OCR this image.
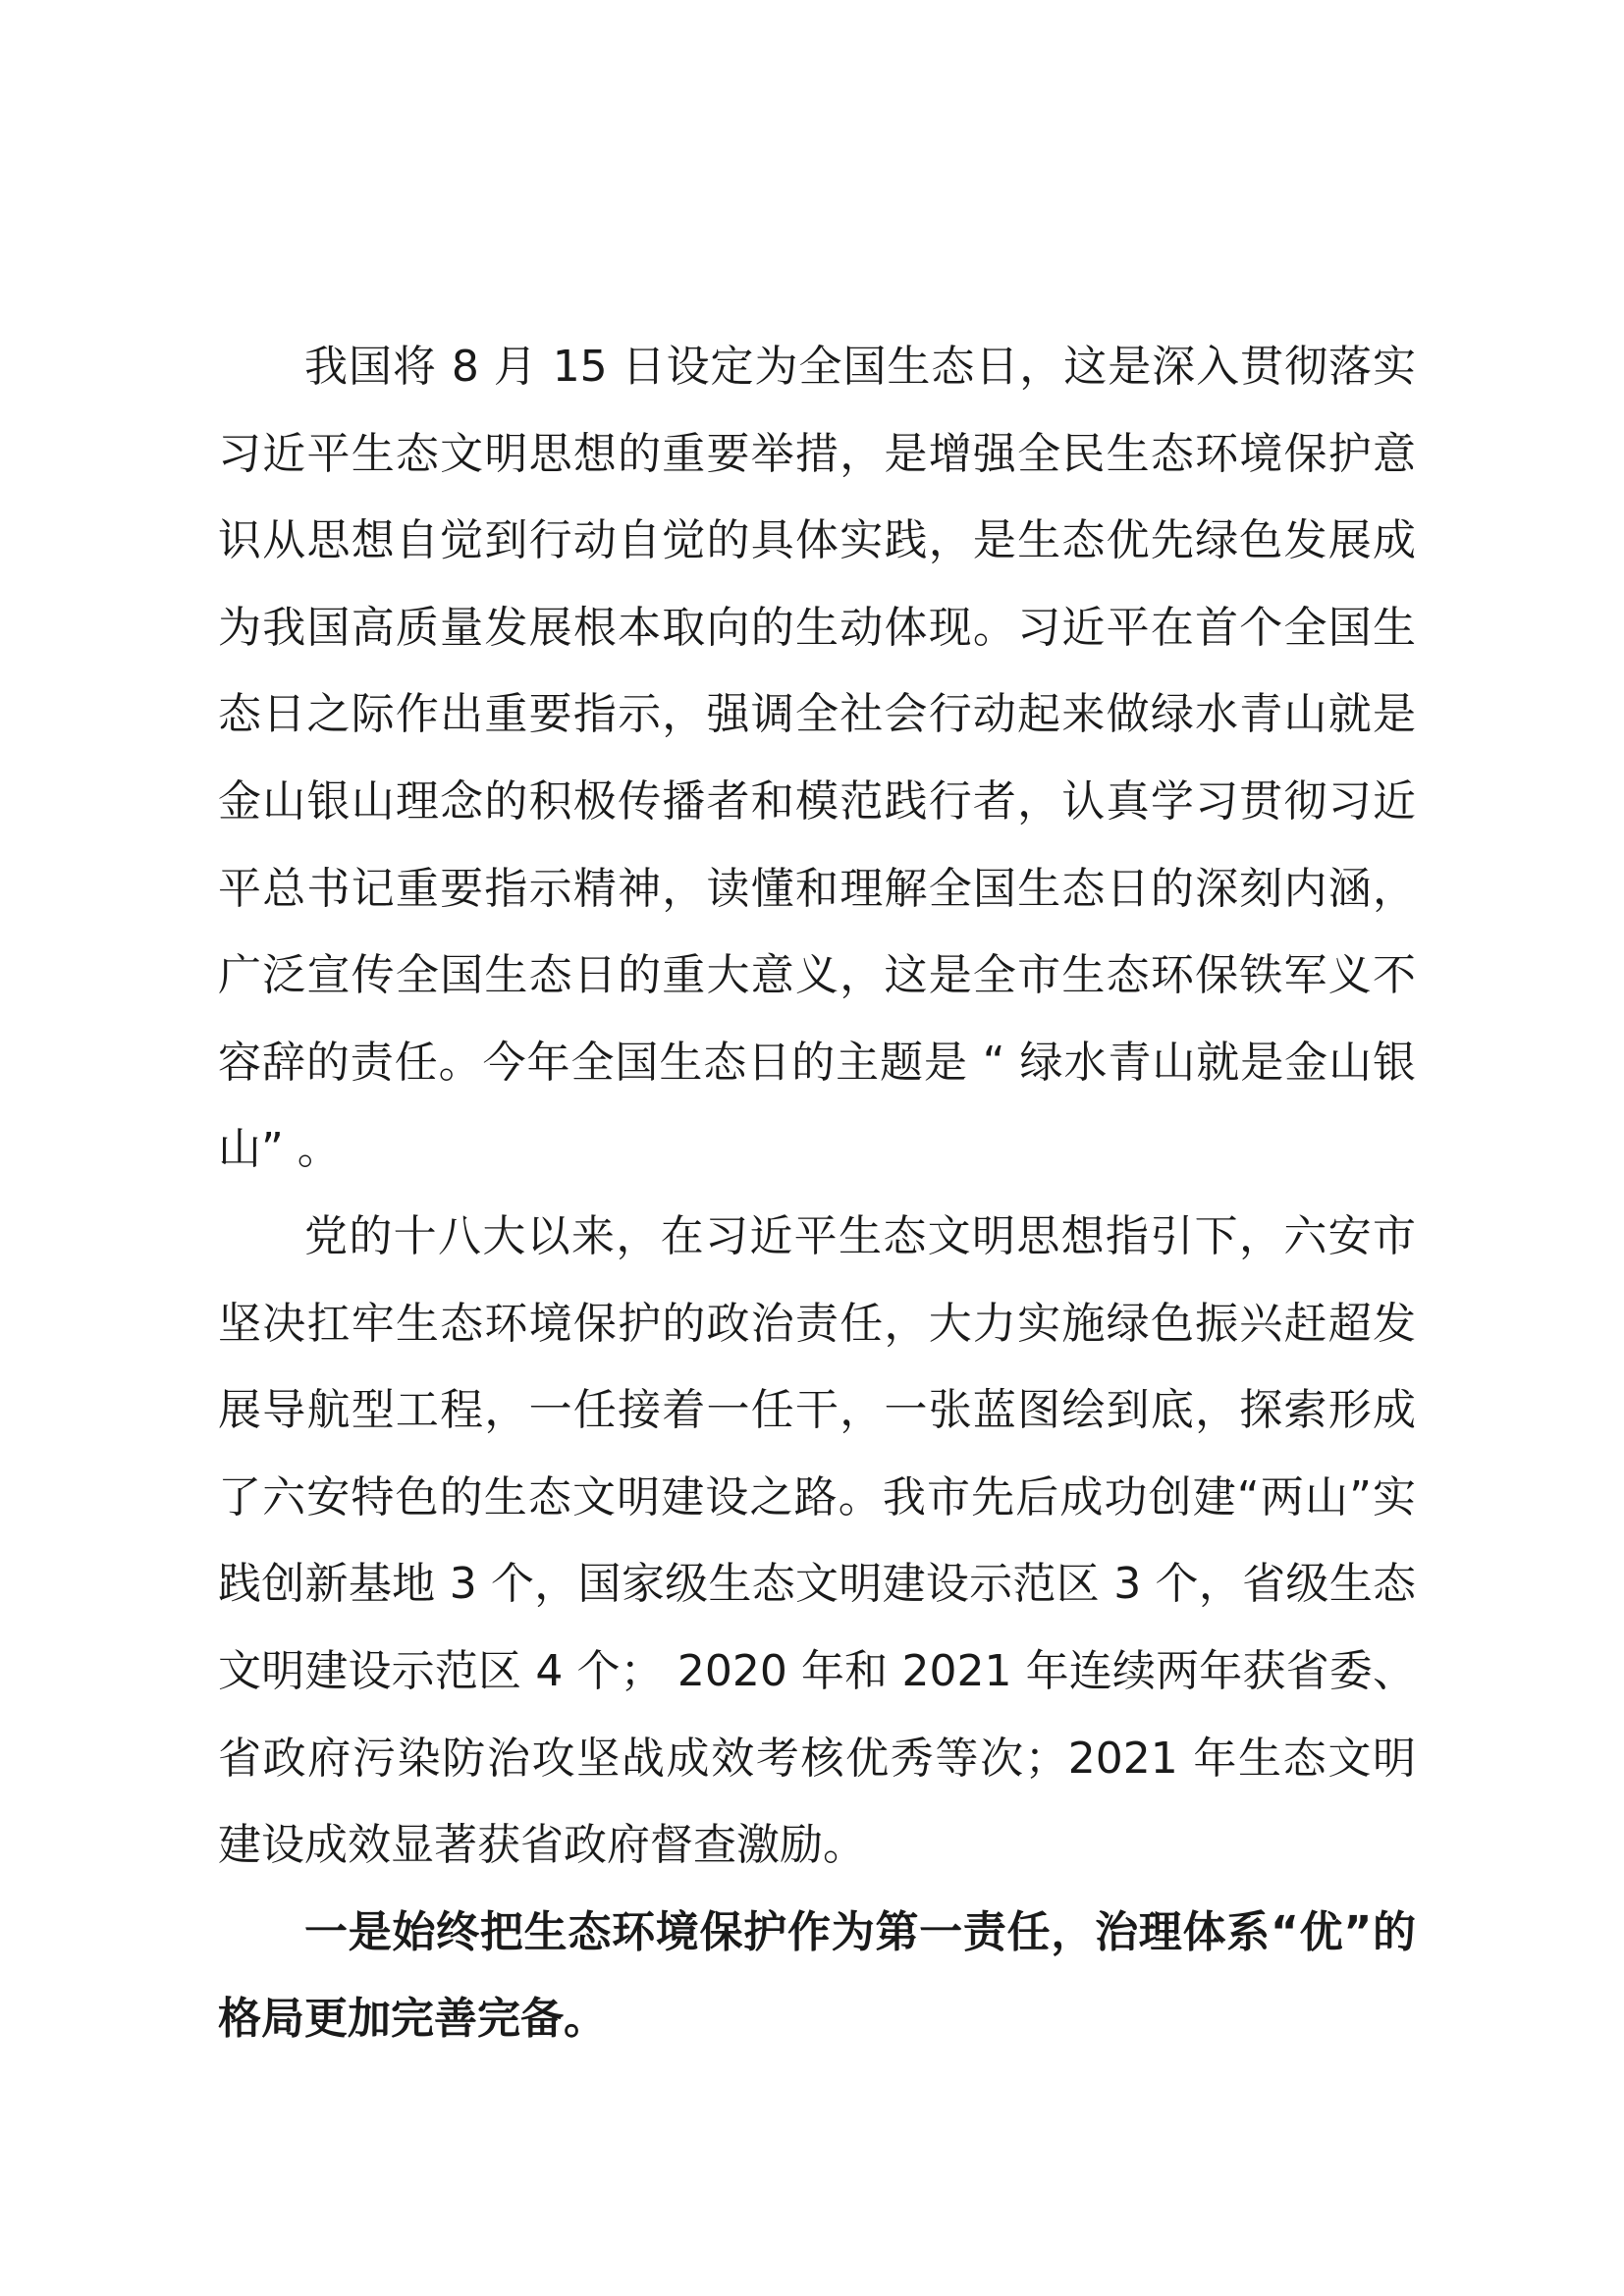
我国将 8 月 15 日设定为全国生态日，这是深入贯彻落实习近平生态文明思想的重要举措，是增强全民生态环境保护意识从思想自觉到行动自觉的具体实践，是生态优先绿色发展成为我国高质量发展根本取向的生动体现。习近平在首个全国生态日之际作出重要指示，强调全社会行动起来做绿水青山就是金山银山理念的积极传播者和模范践行者，认真学习贯彻习近平总书记重要指示精神，读懂和理解全国生态日的深刻内涵，广泛宣传全国生态日的重大意义，这是全市生态环保铁军义不容辞的责任。今年全国生态日的主题是 “ 绿水青山就是金山银山” 。

党的十八大以来，在习近平生态文明思想指引下，六安市坚决扛牢生态环境保护的政治责任，大力实施绿色振兴赶超发展导航型工程，一任接着一任干，一张蓝图绘到底，探索形成了六安特色的生态文明建设之路。我市先后成功创建“两山”实践创新基地 3 个，国家级生态文明建设示范区 3 个，省级生态文明建设示范区 4 个； 2020 年和 2021 年连续两年获省委、省政府污染防治攻坚战成效考核优秀等次；2021 年生态文明建设成效显著获省政府督查激励。

一是始终把生态环境保护作为第一责任，治理体系“优”的格局更加完善完备。
